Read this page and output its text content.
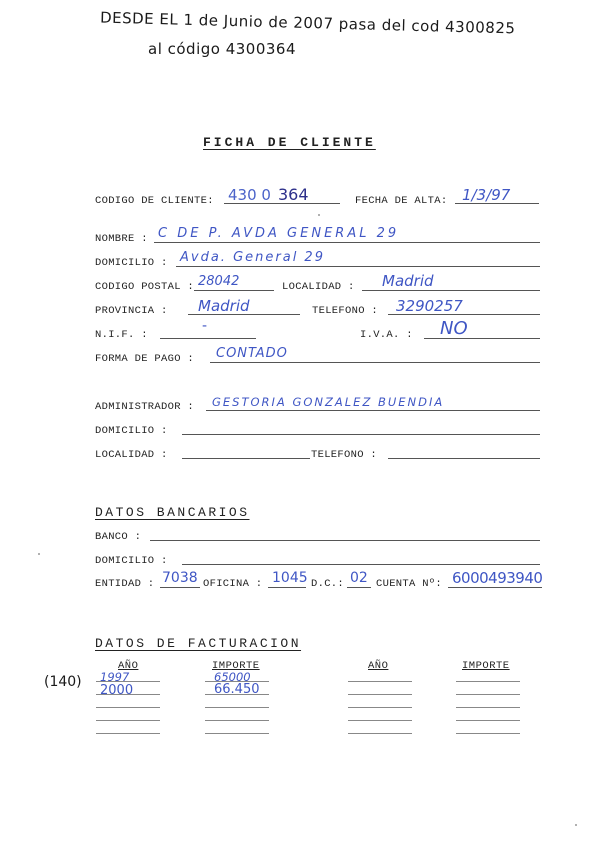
DESDE EL 1 de Junio de 2007 pasa del cod 4300825
al código 4300364
FICHA DE CLIENTE
CODIGO DE CLIENTE: 430 0 364	FECHA DE ALTA: 1/3/97
NOMBRE : C DE P. AVDA GENERAL 29
DOMICILIO : Avda. General 29
CODIGO POSTAL : 28042	LOCALIDAD : Madrid
PROVINCIA : Madrid	TELEFONO : 3290257
N.I.F. :
-
I.V.A. : NO
FORMA DE PAGO : CONTADO
ADMINISTRADOR : GESTORIA GONZALEZ BUENDIA
DOMICILIO :
LOCALIDAD :	TELEFONO :
DATOS BANCARIOS
BANCO :
DOMICILIO :
ENTIDAD : 7038 OFICINA : 1045 D.C.: 02 CUENTA Nº: 6000493940
DATOS DE FACTURACION
(140)
AÑO	IMPORTE	AÑO	IMPORTE
1997	65000
2000	66.450
